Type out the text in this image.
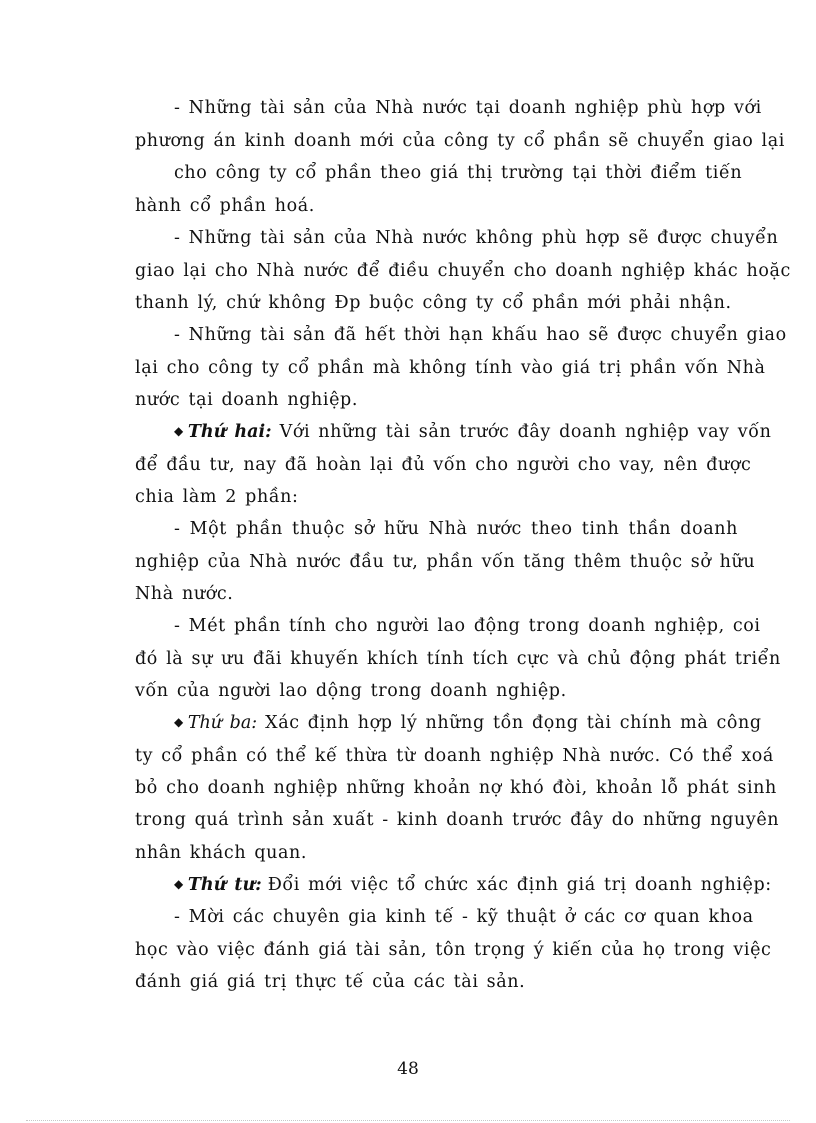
- Những tài sản của Nhà nước tại doanh nghiệp phù hợp với
phương án kinh doanh mới của công ty cổ phần sẽ chuyển giao lại
cho công ty cổ phần theo giá thị trường tại thời điểm tiến
hành cổ phần hoá.
- Những tài sản của Nhà nước không phù hợp sẽ được chuyển
giao lại cho Nhà nước để điều chuyển cho doanh nghiệp khác hoặc
thanh lý, chứ không Ðp buộc công ty cổ phần mới phải nhận.
- Những tài sản đã hết thời hạn khấu hao sẽ được chuyển giao
lại cho công ty cổ phần mà không tính vào giá trị phần vốn Nhà
nước tại doanh nghiệp.
◆ Thứ hai: Với những tài sản trước đây doanh nghiệp vay vốn
để đầu tư, nay đã hoàn lại đủ vốn cho người cho vay, nên được
chia làm 2 phần:
- Một phần thuộc sở hữu Nhà nước theo tinh thần doanh
nghiệp của Nhà nước đầu tư, phần vốn tăng thêm thuộc sở hữu
Nhà nước.
- Mét phần tính cho người lao động trong doanh nghiệp, coi
đó là sự ưu đãi khuyến khích tính tích cực và chủ động phát triển
vốn của người lao dộng trong doanh nghiệp.
◆ Thứ ba: Xác định hợp lý những tồn đọng tài chính mà công
ty cổ phần có thể kế thừa từ doanh nghiệp Nhà nước. Có thể xoá
bỏ cho doanh nghiệp những khoản nợ khó đòi, khoản lỗ phát sinh
trong quá trình sản xuất - kinh doanh trước đây do những nguyên
nhân khách quan.
◆ Thứ tư: Đổi mới việc tổ chức xác định giá trị doanh nghiệp:
- Mời các chuyên gia kinh tế - kỹ thuật ở các cơ quan khoa
học vào việc đánh giá tài sản, tôn trọng ý kiến của họ trong việc
đánh giá giá trị thực tế của các tài sản.
48
